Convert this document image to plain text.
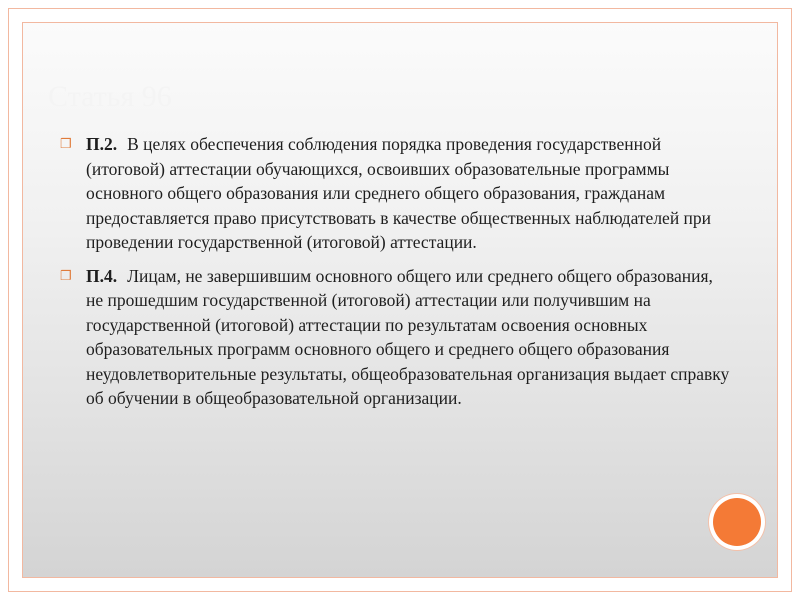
Статья 96

❒ П.2. В целях обеспечения соблюдения порядка проведения государственной (итоговой) аттестации обучающихся, освоивших образовательные программы основного общего образования или среднего общего образования, гражданам предоставляется право присутствовать в качестве общественных наблюдателей при проведении государственной (итоговой) аттестации.

❒ П.4. Лицам, не завершившим основного общего или среднего общего образования, не прошедшим государственной (итоговой) аттестации или получившим на государственной (итоговой) аттестации по результатам освоения основных образовательных программ основного общего и среднего общего образования неудовлетворительные результаты, общеобразовательная организация выдает справку об обучении в общеобразовательной организации.
